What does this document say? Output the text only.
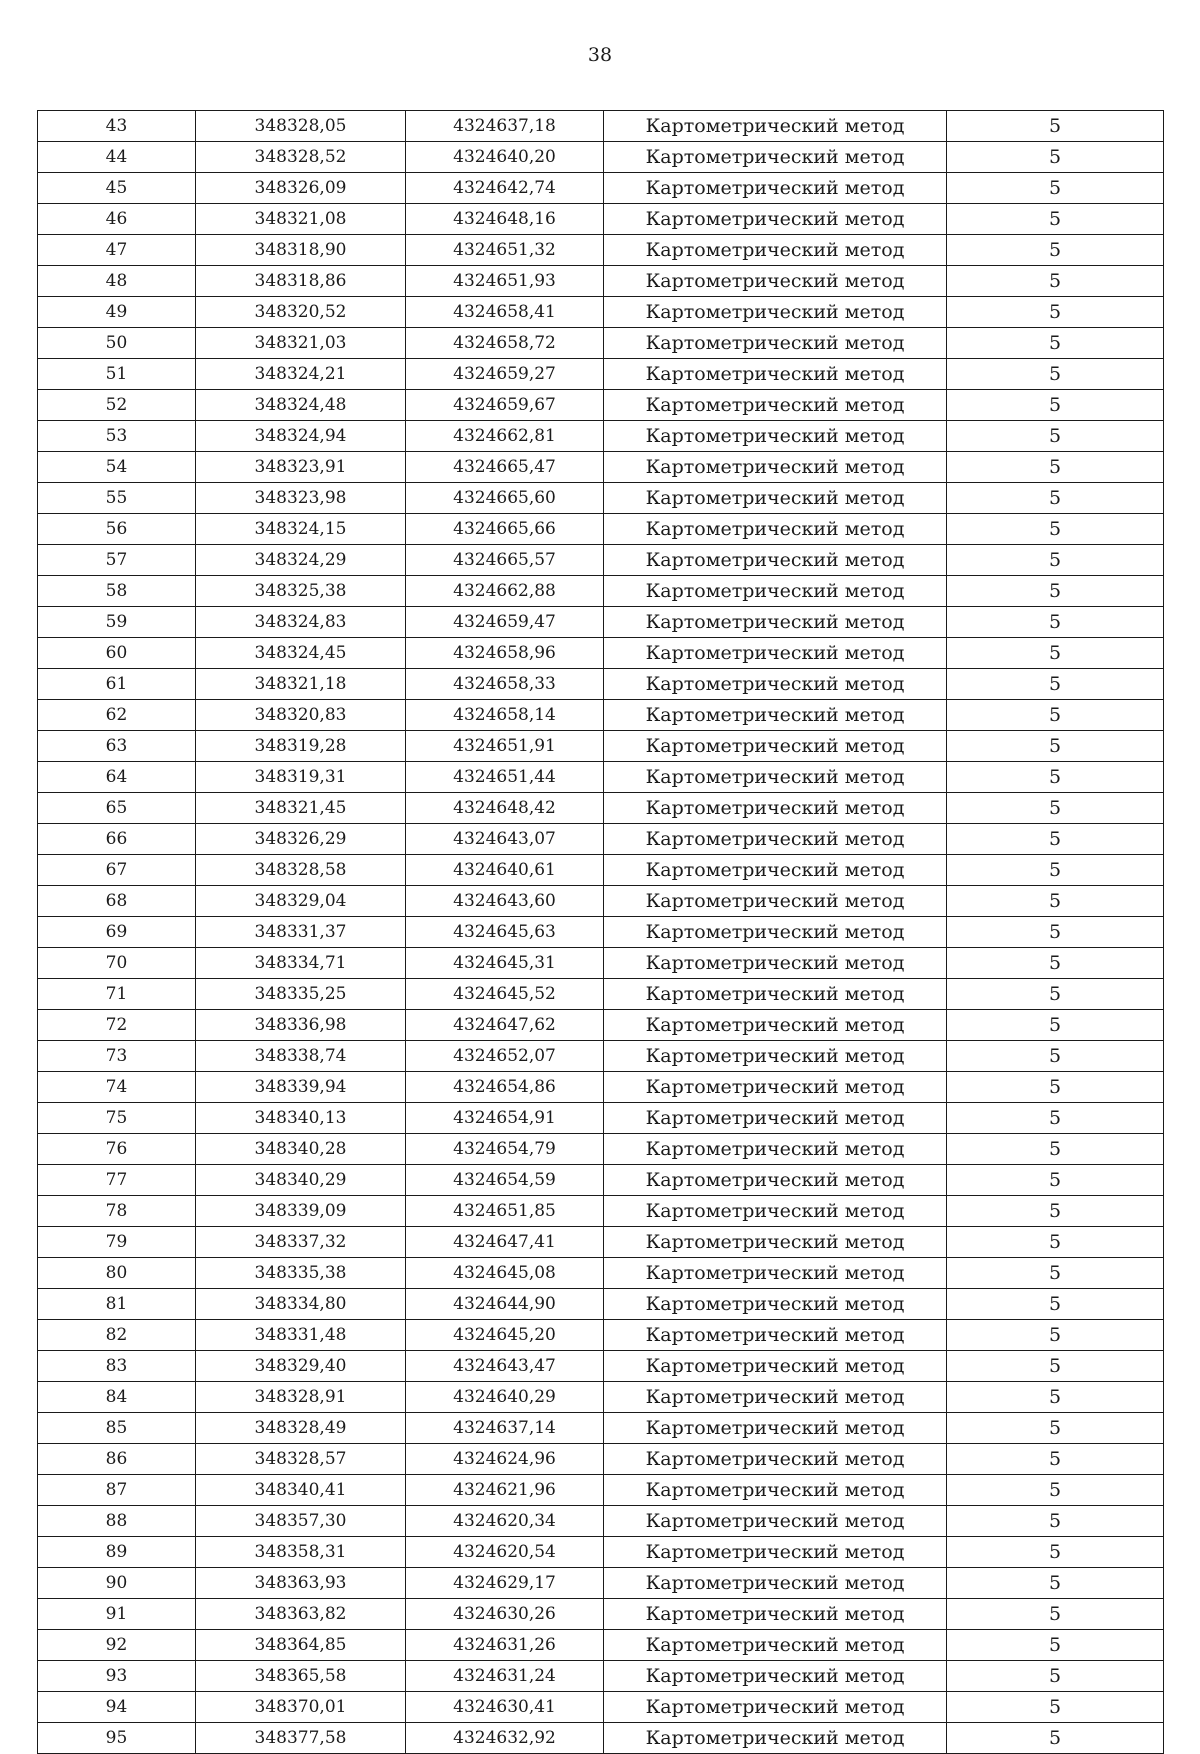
38
43	348328,05	4324637,18	Картометрический метод	5
44	348328,52	4324640,20	Картометрический метод	5
45	348326,09	4324642,74	Картометрический метод	5
46	348321,08	4324648,16	Картометрический метод	5
47	348318,90	4324651,32	Картометрический метод	5
48	348318,86	4324651,93	Картометрический метод	5
49	348320,52	4324658,41	Картометрический метод	5
50	348321,03	4324658,72	Картометрический метод	5
51	348324,21	4324659,27	Картометрический метод	5
52	348324,48	4324659,67	Картометрический метод	5
53	348324,94	4324662,81	Картометрический метод	5
54	348323,91	4324665,47	Картометрический метод	5
55	348323,98	4324665,60	Картометрический метод	5
56	348324,15	4324665,66	Картометрический метод	5
57	348324,29	4324665,57	Картометрический метод	5
58	348325,38	4324662,88	Картометрический метод	5
59	348324,83	4324659,47	Картометрический метод	5
60	348324,45	4324658,96	Картометрический метод	5
61	348321,18	4324658,33	Картометрический метод	5
62	348320,83	4324658,14	Картометрический метод	5
63	348319,28	4324651,91	Картометрический метод	5
64	348319,31	4324651,44	Картометрический метод	5
65	348321,45	4324648,42	Картометрический метод	5
66	348326,29	4324643,07	Картометрический метод	5
67	348328,58	4324640,61	Картометрический метод	5
68	348329,04	4324643,60	Картометрический метод	5
69	348331,37	4324645,63	Картометрический метод	5
70	348334,71	4324645,31	Картометрический метод	5
71	348335,25	4324645,52	Картометрический метод	5
72	348336,98	4324647,62	Картометрический метод	5
73	348338,74	4324652,07	Картометрический метод	5
74	348339,94	4324654,86	Картометрический метод	5
75	348340,13	4324654,91	Картометрический метод	5
76	348340,28	4324654,79	Картометрический метод	5
77	348340,29	4324654,59	Картометрический метод	5
78	348339,09	4324651,85	Картометрический метод	5
79	348337,32	4324647,41	Картометрический метод	5
80	348335,38	4324645,08	Картометрический метод	5
81	348334,80	4324644,90	Картометрический метод	5
82	348331,48	4324645,20	Картометрический метод	5
83	348329,40	4324643,47	Картометрический метод	5
84	348328,91	4324640,29	Картометрический метод	5
85	348328,49	4324637,14	Картометрический метод	5
86	348328,57	4324624,96	Картометрический метод	5
87	348340,41	4324621,96	Картометрический метод	5
88	348357,30	4324620,34	Картометрический метод	5
89	348358,31	4324620,54	Картометрический метод	5
90	348363,93	4324629,17	Картометрический метод	5
91	348363,82	4324630,26	Картометрический метод	5
92	348364,85	4324631,26	Картометрический метод	5
93	348365,58	4324631,24	Картометрический метод	5
94	348370,01	4324630,41	Картометрический метод	5
95	348377,58	4324632,92	Картометрический метод	5
